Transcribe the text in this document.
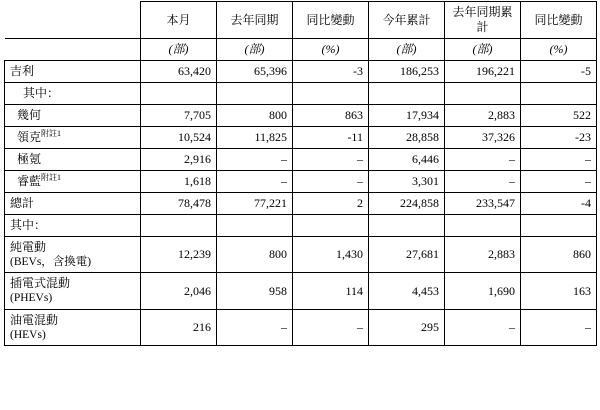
	本月	去年同期	同比變動	今年累計	去年同期累計	同比變動
	(部)	(部)	(%)	(部)	(部)	(%)
吉利	63,420	65,396	-3	186,253	196,221	-5
其中：						
幾何	7,705	800	863	17,934	2,883	522
領克$^{附註1}$	10,524	11,825	-11	28,858	37,326	-23
極氪	2,916	–	–	6,446	–	–
睿藍$^{附註1}$	1,618	–	–	3,301	–	–
總計	78,478	77,221	2	224,858	233,547	-4
其中：						
純電動
(BEVs，含換電)	12,239	800	1,430	27,681	2,883	860
插電式混動
(PHEVs)	2,046	958	114	4,453	1,690	163
油電混動
(HEVs)	216	–	–	295	–	–
